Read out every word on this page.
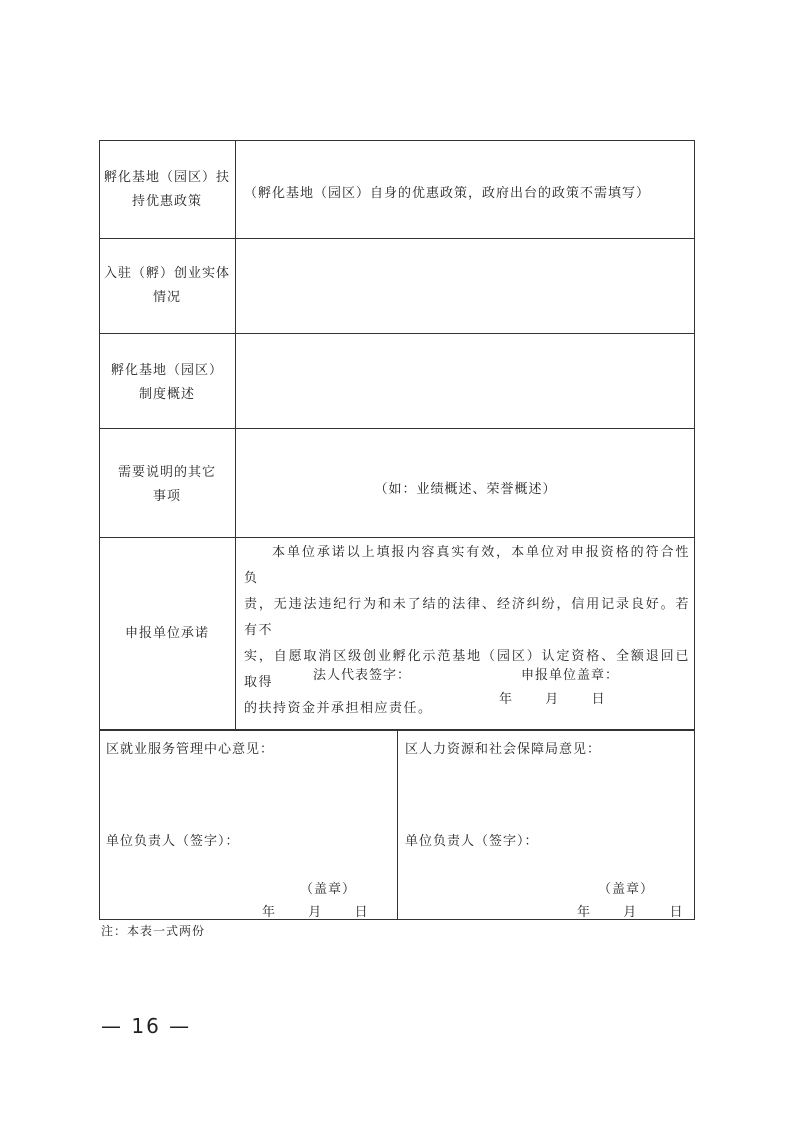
孵化基地（园区）扶
持优惠政策
（孵化基地（园区）自身的优惠政策，政府出台的政策不需填写）
入驻（孵）创业实体
情况
孵化基地（园区）
制度概述
需要说明的其它
事项	（如：业绩概述、荣誉概述）
申报单位承诺
本单位承诺以上填报内容真实有效，本单位对申报资格的符合性负
责，无违法违纪行为和未了结的法律、经济纠纷，信用记录良好。若有不
实，自愿取消区级创业孵化示范基地（园区）认定资格、全额退回已取得
的扶持资金并承担相应责任。
法人代表签字：	申报单位盖章：
年 月 日
区就业服务管理中心意见：
单位负责人（签字）：
（盖章）
年 月 日
区人力资源和社会保障局意见：
单位负责人（签字）：
（盖章）
年 月 日
注：本表一式两份
— 16 —
